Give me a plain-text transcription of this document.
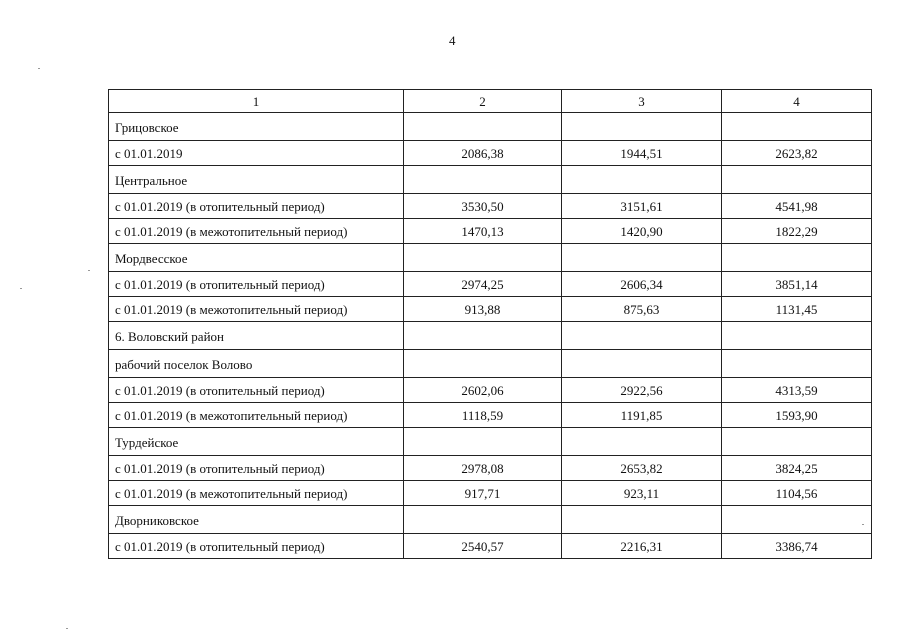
4
1	2	3	4
Грицовское			
с 01.01.2019	2086,38	1944,51	2623,82
Центральное			
с 01.01.2019 (в отопительный период)	3530,50	3151,61	4541,98
с 01.01.2019 (в межотопительный период)	1470,13	1420,90	1822,29
Мордвесское			
с 01.01.2019 (в отопительный период)	2974,25	2606,34	3851,14
с 01.01.2019 (в межотопительный период)	913,88	875,63	1131,45
6. Воловский район			
рабочий поселок Волово			
с 01.01.2019 (в отопительный период)	2602,06	2922,56	4313,59
с 01.01.2019 (в межотопительный период)	1118,59	1191,85	1593,90
Турдейское			
с 01.01.2019 (в отопительный период)	2978,08	2653,82	3824,25
с 01.01.2019 (в межотопительный период)	917,71	923,11	1104,56
Дворниковское			
с 01.01.2019 (в отопительный период)	2540,57	2216,31	3386,74
